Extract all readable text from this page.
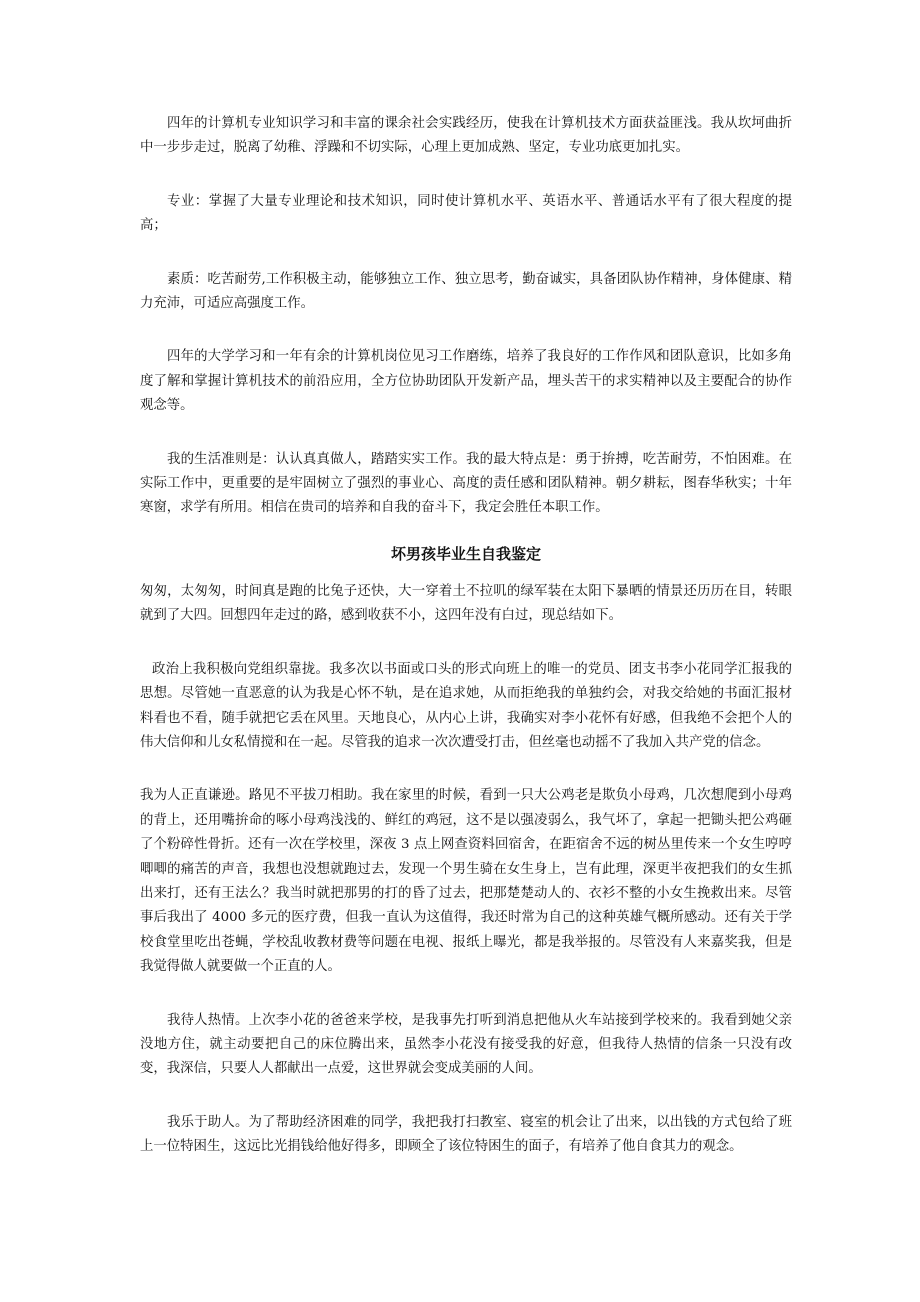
四年的计算机专业知识学习和丰富的课余社会实践经历，使我在计算机技术方面获益匪浅。我从坎坷曲折中一步步走过，脱离了幼稚、浮躁和不切实际，心理上更加成熟、坚定，专业功底更加扎实。

专业：掌握了大量专业理论和技术知识，同时使计算机水平、英语水平、普通话水平有了很大程度的提高；

素质：吃苦耐劳,工作积极主动，能够独立工作、独立思考，勤奋诚实，具备团队协作精神，身体健康、精力充沛，可适应高强度工作。

四年的大学学习和一年有余的计算机岗位见习工作磨练，培养了我良好的工作作风和团队意识，比如多角度了解和掌握计算机技术的前沿应用，全方位协助团队开发新产品，埋头苦干的求实精神以及主要配合的协作观念等。

我的生活准则是：认认真真做人，踏踏实实工作。我的最大特点是：勇于拚搏，吃苦耐劳，不怕困难。在实际工作中，更重要的是牢固树立了强烈的事业心、高度的责任感和团队精神。朝夕耕耘，图春华秋实；十年寒窗，求学有所用。相信在贵司的培养和自我的奋斗下，我定会胜任本职工作。

坏男孩毕业生自我鉴定

匆匆，太匆匆，时间真是跑的比兔子还快，大一穿着土不拉叽的绿军装在太阳下暴晒的情景还历历在目，转眼就到了大四。回想四年走过的路，感到收获不小，这四年没有白过，现总结如下。

政治上我积极向党组织靠拢。我多次以书面或口头的形式向班上的唯一的党员、团支书李小花同学汇报我的思想。尽管她一直恶意的认为我是心怀不轨，是在追求她，从而拒绝我的单独约会，对我交给她的书面汇报材料看也不看，随手就把它丢在风里。天地良心，从内心上讲，我确实对李小花怀有好感，但我绝不会把个人的伟大信仰和儿女私情搅和在一起。尽管我的追求一次次遭受打击，但丝毫也动摇不了我加入共产党的信念。

我为人正直谦逊。路见不平拔刀相助。我在家里的时候，看到一只大公鸡老是欺负小母鸡，几次想爬到小母鸡的背上，还用嘴拚命的啄小母鸡浅浅的、鲜红的鸡冠，这不是以强凌弱么，我气坏了，拿起一把锄头把公鸡砸了个粉碎性骨折。还有一次在学校里，深夜 3 点上网查资料回宿舍，在距宿舍不远的树丛里传来一个女生哼哼唧唧的痛苦的声音，我想也没想就跑过去，发现一个男生骑在女生身上，岂有此理，深更半夜把我们的女生抓出来打，还有王法么？我当时就把那男的打的昏了过去，把那楚楚动人的、衣衫不整的小女生挽救出来。尽管事后我出了 4000 多元的医疗费，但我一直认为这值得，我还时常为自己的这种英雄气概所感动。还有关于学校食堂里吃出苍蝇，学校乱收教材费等问题在电视、报纸上曝光，都是我举报的。尽管没有人来嘉奖我，但是我觉得做人就要做一个正直的人。

我待人热情。上次李小花的爸爸来学校，是我事先打听到消息把他从火车站接到学校来的。我看到她父亲没地方住，就主动要把自己的床位腾出来，虽然李小花没有接受我的好意，但我待人热情的信条一只没有改变，我深信，只要人人都献出一点爱，这世界就会变成美丽的人间。

我乐于助人。为了帮助经济困难的同学，我把我打扫教室、寝室的机会让了出来，以出钱的方式包给了班上一位特困生，这远比光捐钱给他好得多，即顾全了该位特困生的面子，有培养了他自食其力的观念。
